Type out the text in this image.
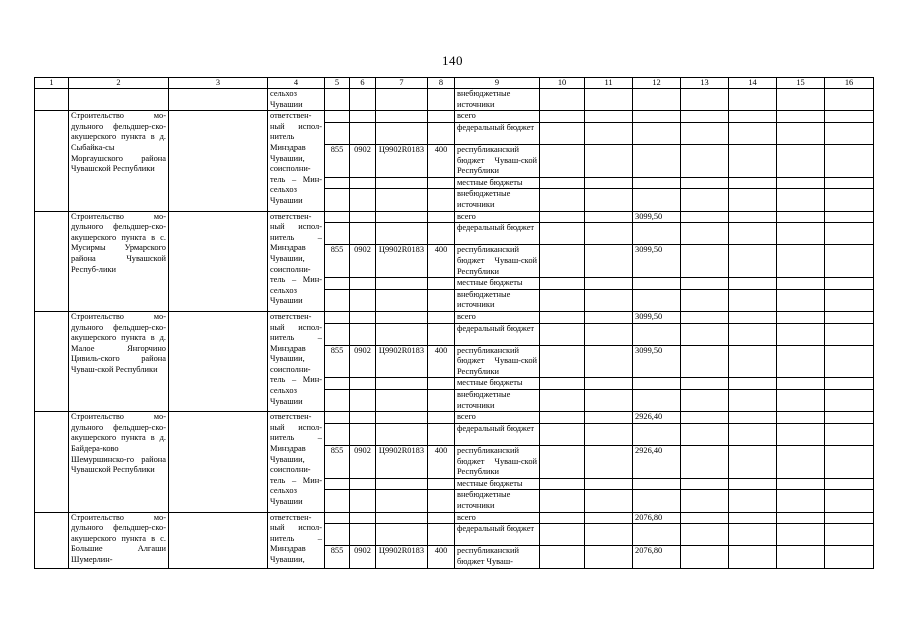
140
1	2	3	4	5	6	7	8	9	10	11	12	13	14	15	16
			сельхоз Чувашии					внебюджетные источники							
	Строительство мо-дульного фельдшер-ско-акушерского пункта в д. Сыбайка-сы Моргаушского района Чувашской Республики		ответствен-ный испол-нитель Минздрав Чувашии, соисполни-тель – Мин-сельхоз Чувашии					всего							
								федеральный бюджет							
				855	0902	Ц9902R0183	400	республиканский бюджет Чуваш-ской Республики							
								местные бюджеты							
								внебюджетные источники							
	Строительство мо-дульного фельдшер-ско-акушерского пункта в с. Мусирмы Урмарского района Чувашской Респуб-лики		ответствен-ный испол-нитель – Минздрав Чувашии, соисполни-тель – Мин-сельхоз Чувашии					всего			3099,50				
								федеральный бюджет							
				855	0902	Ц9902R0183	400	республиканский бюджет Чуваш-ской Республики			3099,50				
								местные бюджеты							
								внебюджетные источники							
	Строительство мо-дульного фельдшер-ско-акушерского пункта в д. Малое Янгорчино Цивиль-ского района Чуваш-ской Республики		ответствен-ный испол-нитель – Минздрав Чувашии, соисполни-тель – Мин-сельхоз Чувашии					всего			3099,50				
								федеральный бюджет							
				855	0902	Ц9902R0183	400	республиканский бюджет Чуваш-ской Республики			3099,50				
								местные бюджеты							
								внебюджетные источники							
	Строительство мо-дульного фельдшер-ско-акушерского пункта в д. Байдера-ково Шемуршинско-го района Чувашской Республики		ответствен-ный испол-нитель – Минздрав Чувашии, соисполни-тель – Мин-сельхоз Чувашии					всего			2926,40				
								федеральный бюджет							
				855	0902	Ц9902R0183	400	республиканский бюджет Чуваш-ской Республики			2926,40				
								местные бюджеты							
								внебюджетные источники							
	Строительство мо-дульного фельдшер-ско-акушерского пункта в с. Большие Алгаши Шумерлин-		ответствен-ный испол-нитель – Минздрав Чувашии,					всего			2076,80				
								федеральный бюджет							
				855	0902	Ц9902R0183	400	республиканский бюджет Чуваш-			2076,80				
